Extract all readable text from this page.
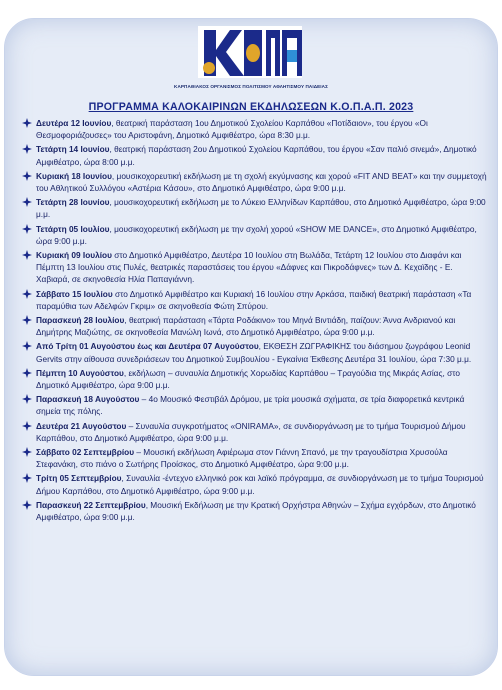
ΚΑΡΠΑΘΙΑΚΟΣ ΟΡΓΑΝΙΣΜΟΣ ΠΟΛΙΤΙΣΜΟΥ ΑΘΛΗΤΙΣΜΟΥ ΠΑΙΔΕΙΑΣ
ΠΡΟΓΡΑΜΜΑ ΚΑΛΟΚΑΙΡΙΝΩΝ ΕΚΔΗΛΩΣΕΩΝ Κ.Ο.Π.Α.Π. 2023
Δευτέρα 12 Ιουνίου, θεατρική παράσταση 1ου Δημοτικού Σχολείου Καρπάθου «Ποτίδαιον», του έργου «Οι Θεσμοφοριάζουσες» του Αριστοφάνη, Δημοτικό Αμφιθέατρο, ώρα 8:30 μ.μ.
Τετάρτη 14 Ιουνίου, θεατρική παράσταση 2ου Δημοτικού Σχολείου Καρπάθου, του έργου «Σαν παλιό σινεμά», Δημοτικό Αμφιθέατρο, ώρα 8:00 μ.μ.
Κυριακή 18 Ιουνίου, μουσικοχορευτική εκδήλωση με τη σχολή εκγύμνασης και χορού «FIT AND BEAT» και την συμμετοχή του Αθλητικού Συλλόγου «Αστέρια Κάσου», στο Δημοτικό Αμφιθέατρο, ώρα 9:00 μ.μ.
Τετάρτη 28 Ιουνίου, μουσικοχορευτική εκδήλωση με το Λύκειο Ελληνίδων Καρπάθου, στο Δημοτικό Αμφιθέατρο, ώρα 9:00 μ.μ.
Τετάρτη 05 Ιουλίου, μουσικοχορευτική εκδήλωση με την σχολή χορού «SHOW ME DANCE», στο Δημοτικό Αμφιθέατρο, ώρα 9:00 μ.μ.
Κυριακή 09 Ιουλίου στο Δημοτικό Αμφιθέατρο, Δευτέρα 10 Ιουλίου στη Βωλάδα, Τετάρτη 12 Ιουλίου στο Διαφάνι και Πέμπτη 13 Ιουλίου στις Πυλές, θεατρικές παραστάσεις του έργου «Δάφνες και Πικροδάφνες» των Δ. Κεχαϊδης - Ε. Χαβιαρά, σε σκηνοθεσία Ηλία Παπαγιάννη.
Σάββατο 15 Ιουλίου στο Δημοτικό Αμφιθέατρο και Κυριακή 16 Ιουλίου στην Αρκάσα, παιδική θεατρική παράσταση «Τα παραμύθια των Αδελφών Γκριμ» σε σκηνοθεσία Φώτη Σπύρου.
Παρασκευή 28 Ιουλίου, θεατρική παράσταση «Τάρτα Ροδάκινο» του Μηνά Βιντιάδη, παίζουν: Άννα Ανδριανού και Δημήτρης Μαζιώτης, σε σκηνοθεσία Μανώλη Ιωνά, στο Δημοτικό Αμφιθέατρο, ώρα 9:00 μ.μ.
Από Τρίτη 01 Αυγούστου έως και Δευτέρα 07 Αυγούστου, ΕΚΘΕΣΗ ΖΩΓΡΑΦΙΚΗΣ του διάσημου ζωγράφου Leonid Gervits στην αίθουσα συνεδριάσεων του Δημοτικού Συμβουλίου - Εγκαίνια Έκθεσης Δευτέρα 31 Ιουλίου, ώρα 7:30 μ.μ.
Πέμπτη 10 Αυγούστου, εκδήλωση – συναυλία Δημοτικής Χορωδίας Καρπάθου – Τραγούδια της Μικράς Ασίας, στο Δημοτικό Αμφιθέατρο, ώρα 9:00 μ.μ.
Παρασκευή 18 Αυγούστου – 4ο Μουσικό Φεστιβάλ Δρόμου, με τρία μουσικά σχήματα, σε τρία διαφορετικά κεντρικά σημεία της πόλης.
Δευτέρα 21 Αυγούστου – Συναυλία συγκροτήματος «ONIRAMA», σε συνδιοργάνωση με το τμήμα Τουρισμού Δήμου Καρπάθου, στο Δημοτικό Αμφιθέατρο, ώρα 9:00 μ.μ.
Σάββατο 02 Σεπτεμβρίου – Μουσική εκδήλωση Αφιέρωμα στον Γιάννη Σπανό, με την τραγουδίστρια Χρυσούλα Στεφανάκη, στο πιάνο ο Σωτήρης Προίσκος, στο Δημοτικό Αμφιθέατρο, ώρα 9:00 μ.μ.
Τρίτη 05 Σεπτεμβρίου, Συναυλία -έντεχνο ελληνικό ροκ και λαϊκό πρόγραμμα, σε συνδιοργάνωση με το τμήμα Τουρισμού Δήμου Καρπάθου, στο Δημοτικό Αμφιθέατρο, ώρα 9:00 μ.μ.
Παρασκευή 22 Σεπτεμβρίου, Μουσική Εκδήλωση με την Κρατική Ορχήστρα Αθηνών – Σχήμα εγχόρδων, στο Δημοτικό Αμφιθέατρο, ώρα 9:00 μ.μ.
